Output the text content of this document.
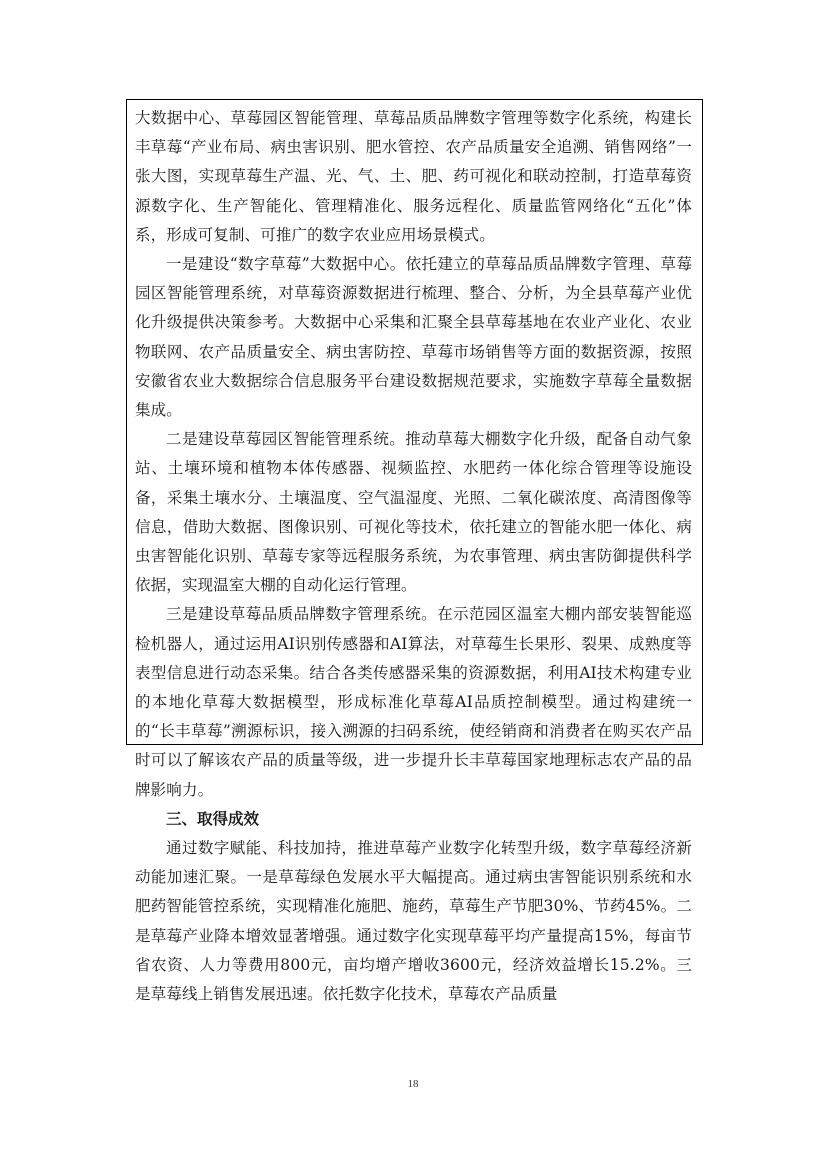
大数据中心、草莓园区智能管理、草莓品质品牌数字管理等数字化系统，构建长丰草莓“产业布局、病虫害识别、肥水管控、农产品质量安全追溯、销售网络”一张大图，实现草莓生产温、光、气、土、肥、药可视化和联动控制，打造草莓资源数字化、生产智能化、管理精准化、服务远程化、质量监管网络化“五化”体系，形成可复制、可推广的数字农业应用场景模式。

一是建设“数字草莓”大数据中心。依托建立的草莓品质品牌数字管理、草莓园区智能管理系统，对草莓资源数据进行梳理、整合、分析，为全县草莓产业优化升级提供决策参考。大数据中心采集和汇聚全县草莓基地在农业产业化、农业物联网、农产品质量安全、病虫害防控、草莓市场销售等方面的数据资源，按照安徽省农业大数据综合信息服务平台建设数据规范要求，实施数字草莓全量数据集成。

二是建设草莓园区智能管理系统。推动草莓大棚数字化升级，配备自动气象站、土壤环境和植物本体传感器、视频监控、水肥药一体化综合管理等设施设备，采集土壤水分、土壤温度、空气温湿度、光照、二氧化碳浓度、高清图像等信息，借助大数据、图像识别、可视化等技术，依托建立的智能水肥一体化、病虫害智能化识别、草莓专家等远程服务系统，为农事管理、病虫害防御提供科学依据，实现温室大棚的自动化运行管理。

三是建设草莓品质品牌数字管理系统。在示范园区温室大棚内部安装智能巡检机器人，通过运用AI识别传感器和AI算法，对草莓生长果形、裂果、成熟度等表型信息进行动态采集。结合各类传感器采集的资源数据，利用AI技术构建专业的本地化草莓大数据模型，形成标准化草莓AI品质控制模型。通过构建统一的“长丰草莓”溯源标识，接入溯源的扫码系统，使经销商和消费者在购买农产品时可以了解该农产品的质量等级，进一步提升长丰草莓国家地理标志农产品的品牌影响力。

三、取得成效

通过数字赋能、科技加持，推进草莓产业数字化转型升级，数字草莓经济新动能加速汇聚。一是草莓绿色发展水平大幅提高。通过病虫害智能识别系统和水肥药智能管控系统，实现精准化施肥、施药，草莓生产节肥30%、节药45%。二是草莓产业降本增效显著增强。通过数字化实现草莓平均产量提高15%，每亩节省农资、人力等费用800元，亩均增产增收3600元，经济效益增长15.2%。三是草莓线上销售发展迅速。依托数字化技术，草莓农产品质量

18
